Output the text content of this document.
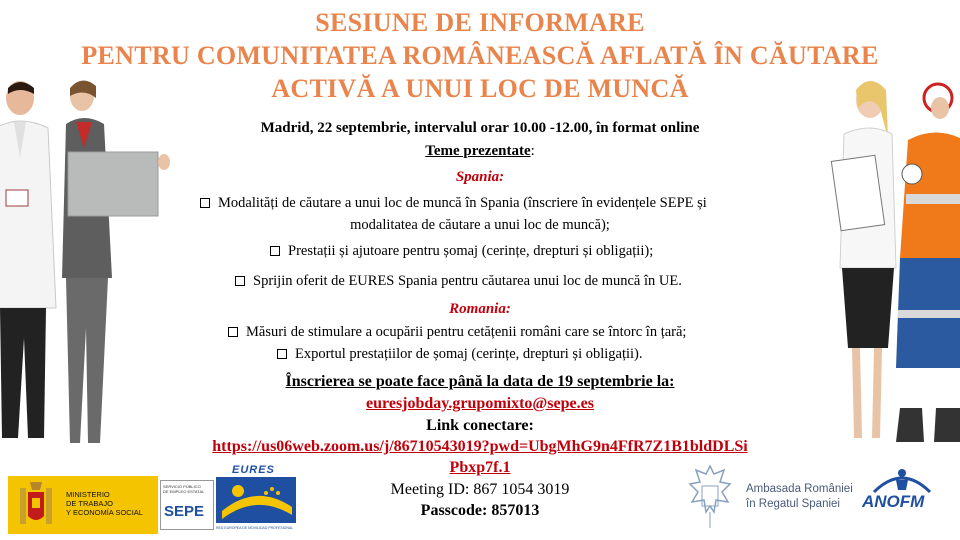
SESIUNE DE INFORMARE
PENTRU COMUNITATEA ROMÂNEASCĂ AFLATĂ ÎN CĂUTARE
ACTIVĂ A UNUI LOC DE MUNCĂ
Madrid, 22 septembrie, intervalul orar 10.00 -12.00, în format online
Teme prezentate:
Spania:
Modalități de căutare a unui loc de muncă în Spania (înscriere în evidențele SEPE și
modalitatea de căutare a unui loc de muncă);
Prestații și ajutoare pentru șomaj (cerințe, drepturi și obligații);
Sprijin oferit de EURES Spania pentru căutarea unui loc de muncă în UE.
Romania:
Măsuri de stimulare a ocupării pentru cetățenii români care se întorc în țară;
Exportul prestațiilor de șomaj (cerințe, drepturi și obligații).
Înscrierea se poate face până la data de 19 septembrie la:
euresjobday.grupomixto@sepe.es
Link conectare:
https://us06web.zoom.us/j/86710543019?pwd=UbgMhG9n4FfR7Z1B1bldDLSi
Pbxp7f.1
Meeting ID: 867 1054 3019
Passcode: 857013
MINISTERIO
DE TRABAJO
Y ECONOMÍA SOCIAL
SERVICIO PÚBLICO
DE EMPLEO ESTATAL
SEPE
EURES
RED EUROPEA DE MOVILIDAD PROFESIONAL
Ambasada României
în Regatul Spaniei	ANOFM
